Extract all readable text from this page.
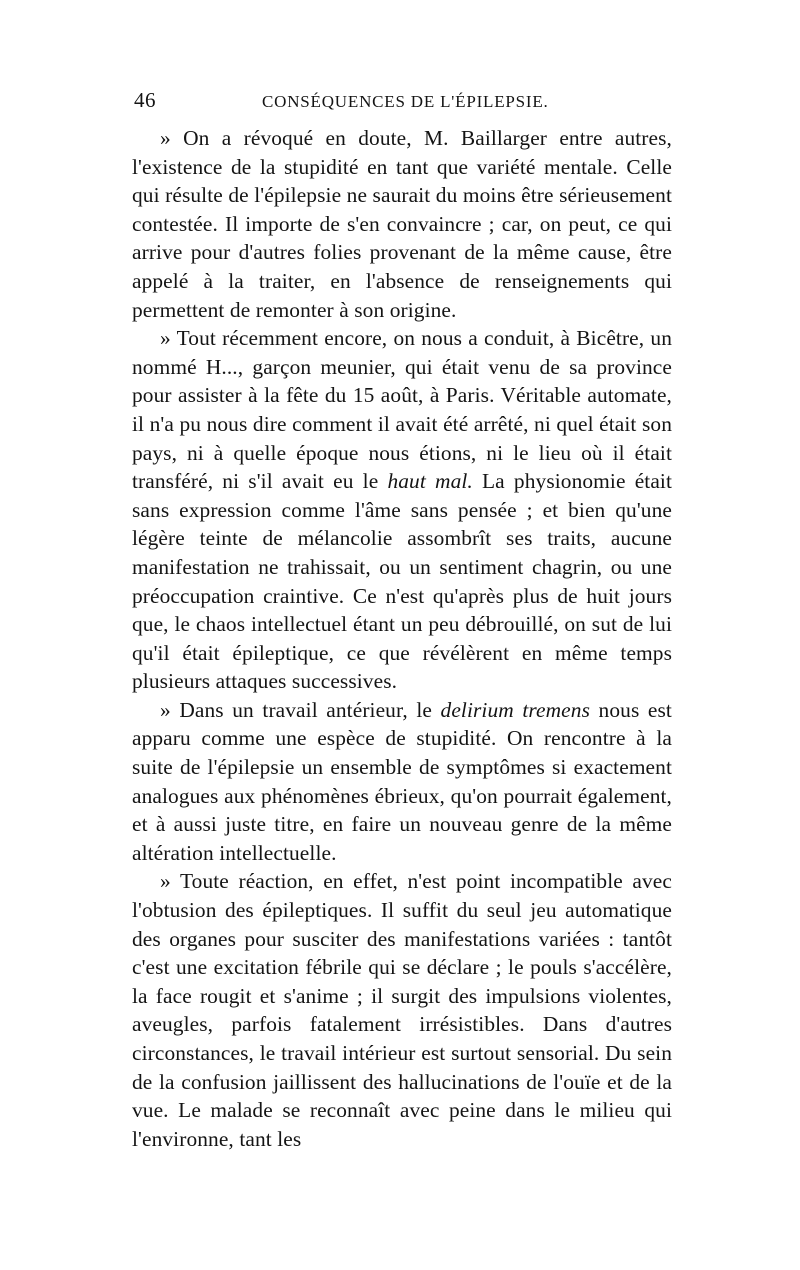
46	CONSÉQUENCES DE L'ÉPILEPSIE.

» On a révoqué en doute, M. Baillarger entre autres, l'existence de la stupidité en tant que variété mentale. Celle qui résulte de l'épilepsie ne saurait du moins être sérieusement contestée. Il importe de s'en convaincre ; car, on peut, ce qui arrive pour d'autres folies provenant de la même cause, être appelé à la traiter, en l'absence de renseignements qui permettent de remonter à son origine.

» Tout récemment encore, on nous a conduit, à Bicêtre, un nommé H..., garçon meunier, qui était venu de sa province pour assister à la fête du 15 août, à Paris. Véritable automate, il n'a pu nous dire comment il avait été arrêté, ni quel était son pays, ni à quelle époque nous étions, ni le lieu où il était transféré, ni s'il avait eu le haut mal. La physionomie était sans expression comme l'âme sans pensée ; et bien qu'une légère teinte de mélancolie assombrît ses traits, aucune manifestation ne trahissait, ou un sentiment chagrin, ou une préoccupation craintive. Ce n'est qu'après plus de huit jours que, le chaos intellectuel étant un peu débrouillé, on sut de lui qu'il était épileptique, ce que révélèrent en même temps plusieurs attaques successives.

» Dans un travail antérieur, le delirium tremens nous est apparu comme une espèce de stupidité. On rencontre à la suite de l'épilepsie un ensemble de symptômes si exactement analogues aux phénomènes ébrieux, qu'on pourrait également, et à aussi juste titre, en faire un nouveau genre de la même altération intellectuelle.

» Toute réaction, en effet, n'est point incompatible avec l'obtusion des épileptiques. Il suffit du seul jeu automatique des organes pour susciter des manifestations variées : tantôt c'est une excitation fébrile qui se déclare ; le pouls s'accélère, la face rougit et s'anime ; il surgit des impulsions violentes, aveugles, parfois fatalement irrésistibles. Dans d'autres circonstances, le travail intérieur est surtout sensorial. Du sein de la confusion jaillissent des hallucinations de l'ouïe et de la vue. Le malade se reconnaît avec peine dans le milieu qui l'environne, tant les
